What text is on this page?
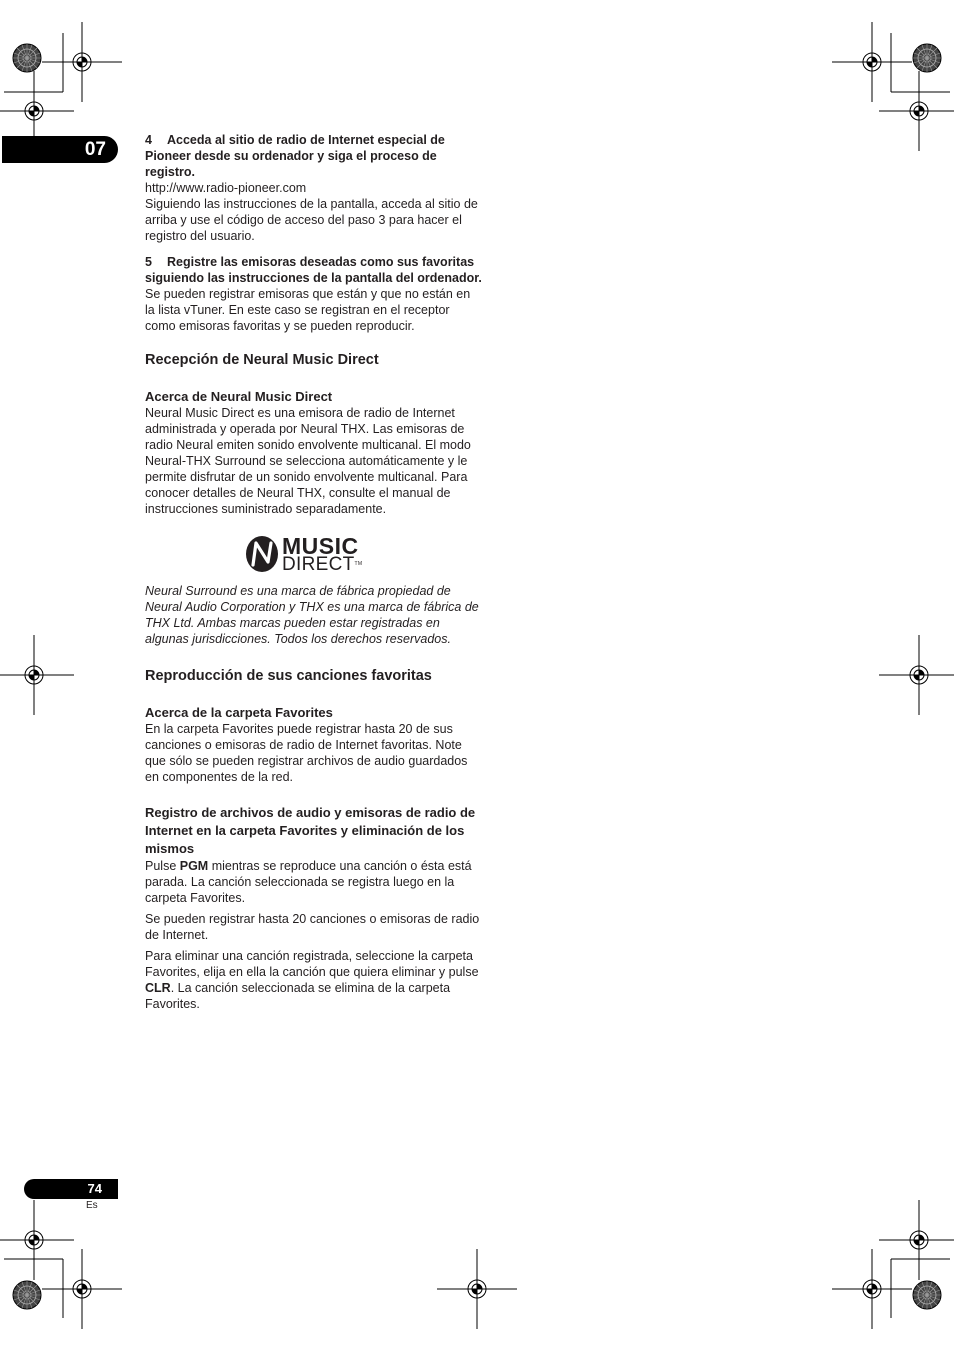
07	4 Acceda al sitio de radio de Internet especial de Pioneer desde su ordenador y siga el proceso de registro.

http://www.radio-pioneer.com

Siguiendo las instrucciones de la pantalla, acceda al sitio de arriba y use el código de acceso del paso 3 para hacer el registro del usuario.

5 Registre las emisoras deseadas como sus favoritas siguiendo las instrucciones de la pantalla del ordenador.

Se pueden registrar emisoras que están y que no están en la lista vTuner. En este caso se registran en el receptor como emisoras favoritas y se pueden reproducir.

Recepción de Neural Music Direct
Acerca de Neural Music Direct

Neural Music Direct es una emisora de radio de Internet administrada y operada por Neural THX. Las emisoras de radio Neural emiten sonido envolvente multicanal. El modo Neural-THX Surround se selecciona automáticamente y le permite disfrutar de un sonido envolvente multicanal. Para conocer detalles de Neural THX, consulte el manual de instrucciones suministrado separadamente.

MUSIC
DIRECTTM

Neural Surround es una marca de fábrica propiedad de Neural Audio Corporation y THX es una marca de fábrica de THX Ltd. Ambas marcas pueden estar registradas en algunas jurisdicciones. Todos los derechos reservados.

Reproducción de sus canciones favoritas
Acerca de la carpeta Favorites

En la carpeta Favorites puede registrar hasta 20 de sus canciones o emisoras de radio de Internet favoritas. Note que sólo se pueden registrar archivos de audio guardados en componentes de la red.

Registro de archivos de audio y emisoras de radio de Internet en la carpeta Favorites y eliminación de los mismos

Pulse PGM mientras se reproduce una canción o ésta está parada. La canción seleccionada se registra luego en la carpeta Favorites.

Se pueden registrar hasta 20 canciones o emisoras de radio de Internet.

Para eliminar una canción registrada, seleccione la carpeta Favorites, elija en ella la canción que quiera eliminar y pulse CLR. La canción seleccionada se elimina de la carpeta Favorites.

74
Es
